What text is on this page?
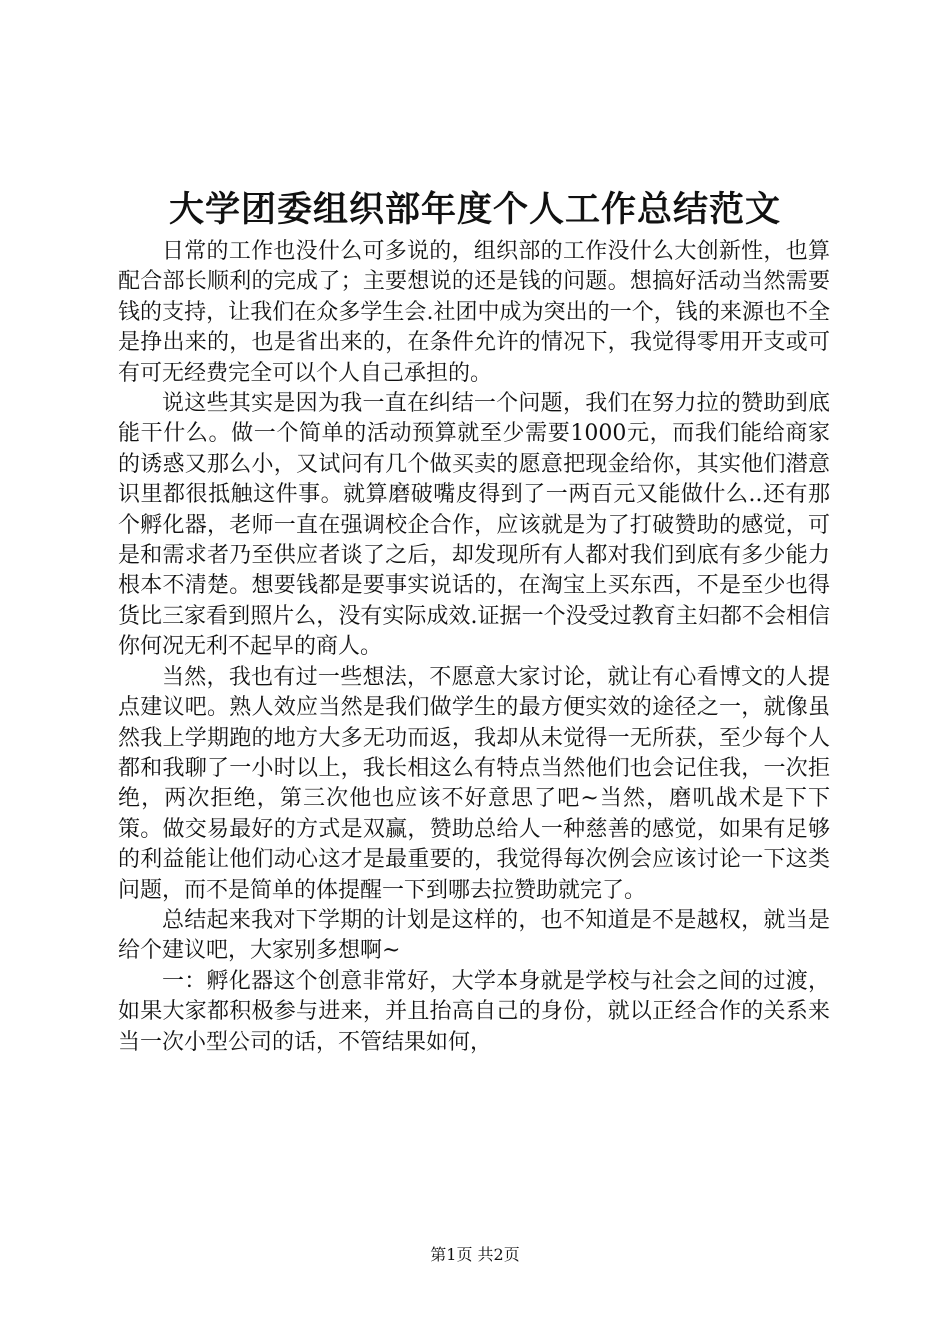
大学团委组织部年度个人工作总结范文

日常的工作也没什么可多说的，组织部的工作没什么大创新性，也算配合部长顺利的完成了；主要想说的还是钱的问题。想搞好活动当然需要钱的支持，让我们在众多学生会.社团中成为突出的一个，钱的来源也不全是挣出来的，也是省出来的，在条件允许的情况下，我觉得零用开支或可有可无经费完全可以个人自己承担的。

说这些其实是因为我一直在纠结一个问题，我们在努力拉的赞助到底能干什么。做一个简单的活动预算就至少需要1000元，而我们能给商家的诱惑又那么小，又试问有几个做买卖的愿意把现金给你，其实他们潜意识里都很抵触这件事。就算磨破嘴皮得到了一两百元又能做什么..还有那个孵化器，老师一直在强调校企合作，应该就是为了打破赞助的感觉，可是和需求者乃至供应者谈了之后，却发现所有人都对我们到底有多少能力根本不清楚。想要钱都是要事实说话的，在淘宝上买东西，不是至少也得货比三家看到照片么，没有实际成效.证据一个没受过教育主妇都不会相信你何况无利不起早的商人。

当然，我也有过一些想法，不愿意大家讨论，就让有心看博文的人提点建议吧。熟人效应当然是我们做学生的最方便实效的途径之一，就像虽然我上学期跑的地方大多无功而返，我却从未觉得一无所获，至少每个人都和我聊了一小时以上，我长相这么有特点当然他们也会记住我，一次拒绝，两次拒绝，第三次他也应该不好意思了吧~当然，磨叽战术是下下策。做交易最好的方式是双赢，赞助总给人一种慈善的感觉，如果有足够的利益能让他们动心这才是最重要的，我觉得每次例会应该讨论一下这类问题，而不是简单的体提醒一下到哪去拉赞助就完了。

总结起来我对下学期的计划是这样的，也不知道是不是越权，就当是给个建议吧，大家别多想啊~

一：孵化器这个创意非常好，大学本身就是学校与社会之间的过渡，如果大家都积极参与进来，并且抬高自己的身份，就以正经合作的关系来当一次小型公司的话，不管结果如何，

第1页 共2页
